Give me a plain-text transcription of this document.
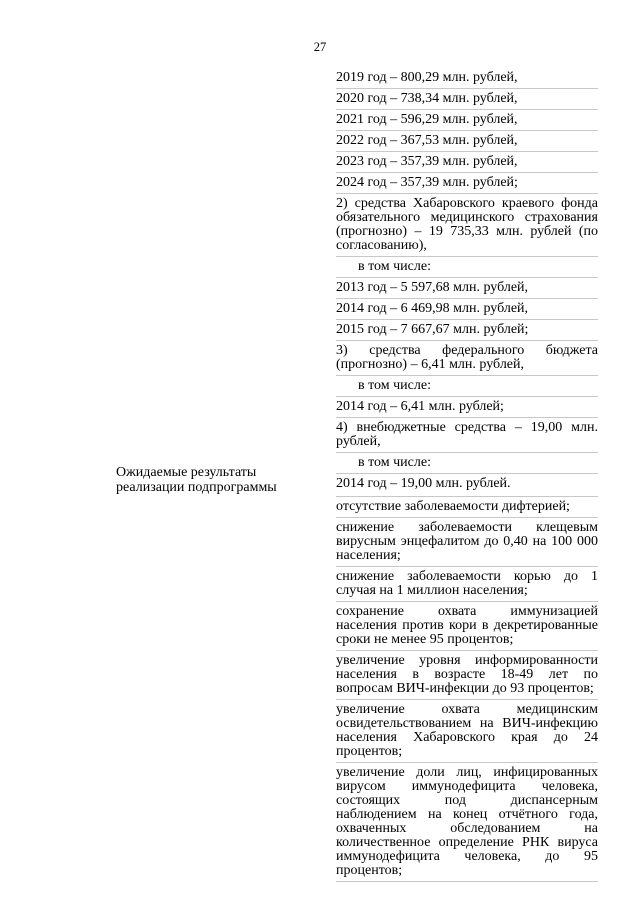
27
Ожидаемые результаты реализации подпрограммы
2019 год – 800,29 млн. рублей,
2020 год – 738,34 млн. рублей,
2021 год – 596,29 млн. рублей,
2022 год – 367,53 млн. рублей,
2023 год – 357,39 млн. рублей,
2024 год – 357,39 млн. рублей;
2) средства Хабаровского краевого фонда обязательного медицинского страхования (прогнозно) – 19 735,33 млн. рублей (по согласованию),
в том числе:
2013 год – 5 597,68 млн. рублей,
2014 год – 6 469,98 млн. рублей,
2015 год – 7 667,67 млн. рублей;
3) средства федерального бюджета (прогнозно) – 6,41 млн. рублей,
в том числе:
2014 год – 6,41 млн. рублей;
4) внебюджетные средства – 19,00 млн. рублей,
в том числе:
2014 год – 19,00 млн. рублей.
отсутствие заболеваемости дифтерией;
снижение заболеваемости клещевым вирусным энцефалитом до 0,40 на 100 000 населения;
снижение заболеваемости корью до 1 случая на 1 миллион населения;
сохранение охвата иммунизацией населения против кори в декретированные сроки не менее 95 процентов;
увеличение уровня информированности населения в возрасте 18-49 лет по вопросам ВИЧ-инфекции до 93 процентов;
увеличение охвата медицинским освидетельствованием на ВИЧ-инфекцию населения Хабаровского края до 24 процентов;
увеличение доли лиц, инфицированных вирусом иммунодефицита человека, состоящих под диспансерным наблюдением на конец отчётного года, охваченных обследованием на количественное определение РНК вируса иммунодефицита человека, до 95 процентов;
